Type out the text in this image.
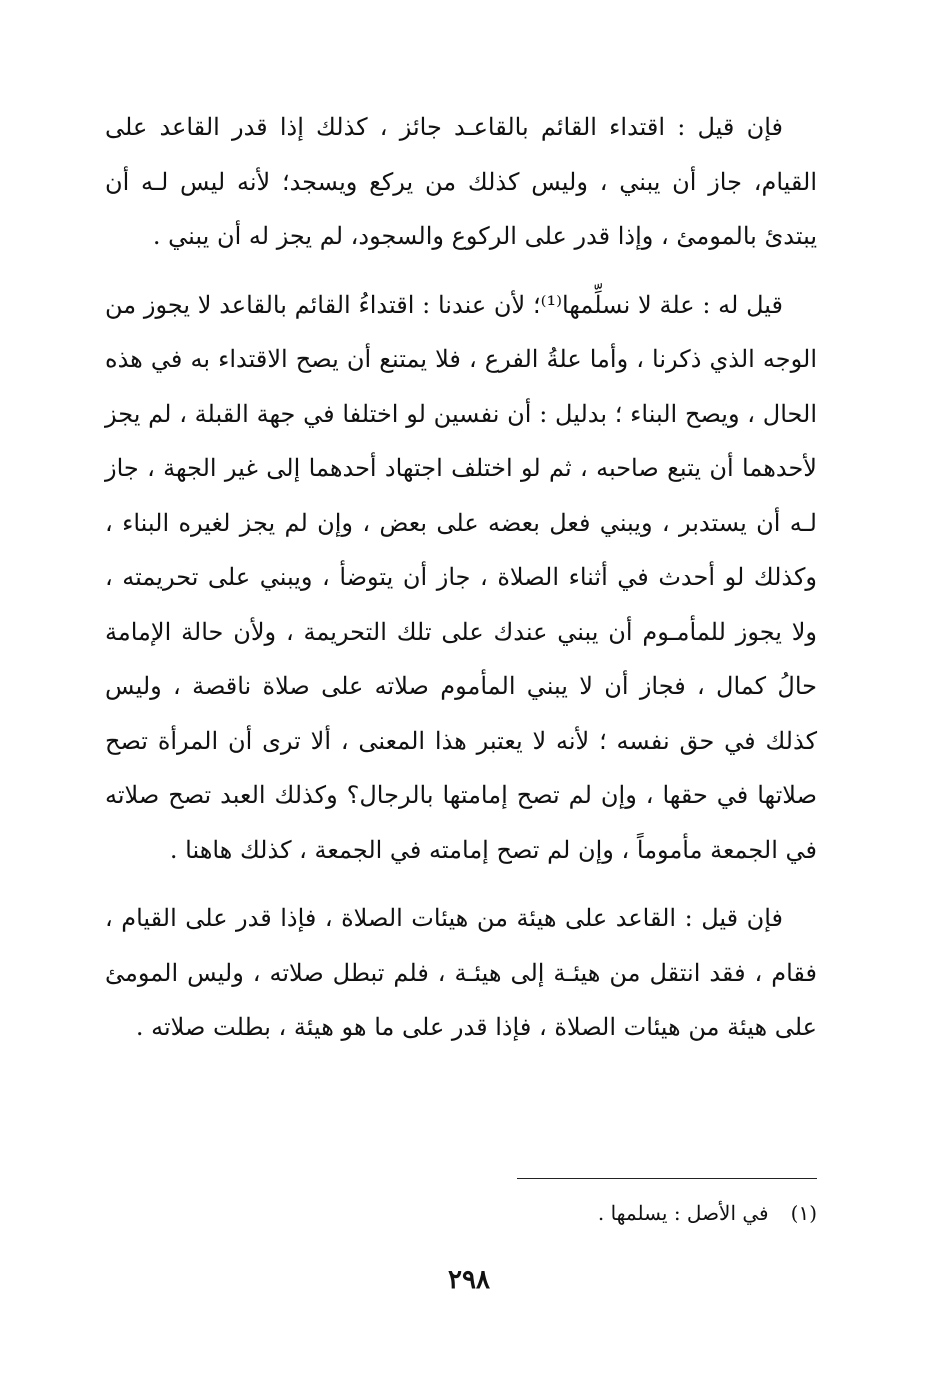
فإن قيل : اقتداء القائم بالقاعـد جائز ، كذلك إذا قدر القاعد على القيام، جاز أن يبني ، وليس كذلك من يركع ويسجد؛ لأنه ليس لـه أن يبتدئ بالمومئ ، وإذا قدر على الركوع والسجود، لم يجز له أن يبني .

قيل له : علة لا نسلِّمها⁽¹⁾؛ لأن عندنا : اقتداءُ القائم بالقاعد لا يجوز من الوجه الذي ذكرنا ، وأما علةُ الفرع ، فلا يمتنع أن يصح الاقتداء به في هذه الحال ، ويصح البناء ؛ بدليل : أن نفسين لو اختلفا في جهة القبلة ، لم يجز لأحدهما أن يتبع صاحبه ، ثم لو اختلف اجتهاد أحدهما إلى غير الجهة ، جاز لـه أن يستدبر ، ويبني فعل بعضه على بعض ، وإن لم يجز لغيره البناء ، وكذلك لو أحدث في أثناء الصلاة ، جاز أن يتوضأ ، ويبني على تحريمته ، ولا يجوز للمأمـوم أن يبني عندك على تلك التحريمة ، ولأن حالة الإمامة حالُ كمال ، فجاز أن لا يبني المأموم صلاته على صلاة ناقصة ، وليس كذلك في حق نفسه ؛ لأنه لا يعتبر هذا المعنى ، ألا ترى أن المرأة تصح صلاتها في حقها ، وإن لم تصح إمامتها بالرجال؟ وكذلك العبد تصح صلاته في الجمعة مأموماً ، وإن لم تصح إمامته في الجمعة ، كذلك هاهنا .

فإن قيل : القاعد على هيئة من هيئات الصلاة ، فإذا قدر على القيام ، فقام ، فقد انتقل من هيئـة إلى هيئـة ، فلم تبطل صلاته ، وليس المومئ على هيئة من هيئات الصلاة ، فإذا قدر على ما هو هيئة ، بطلت صلاته .

(١)في الأصل : يسلمها .
٢٩٨
